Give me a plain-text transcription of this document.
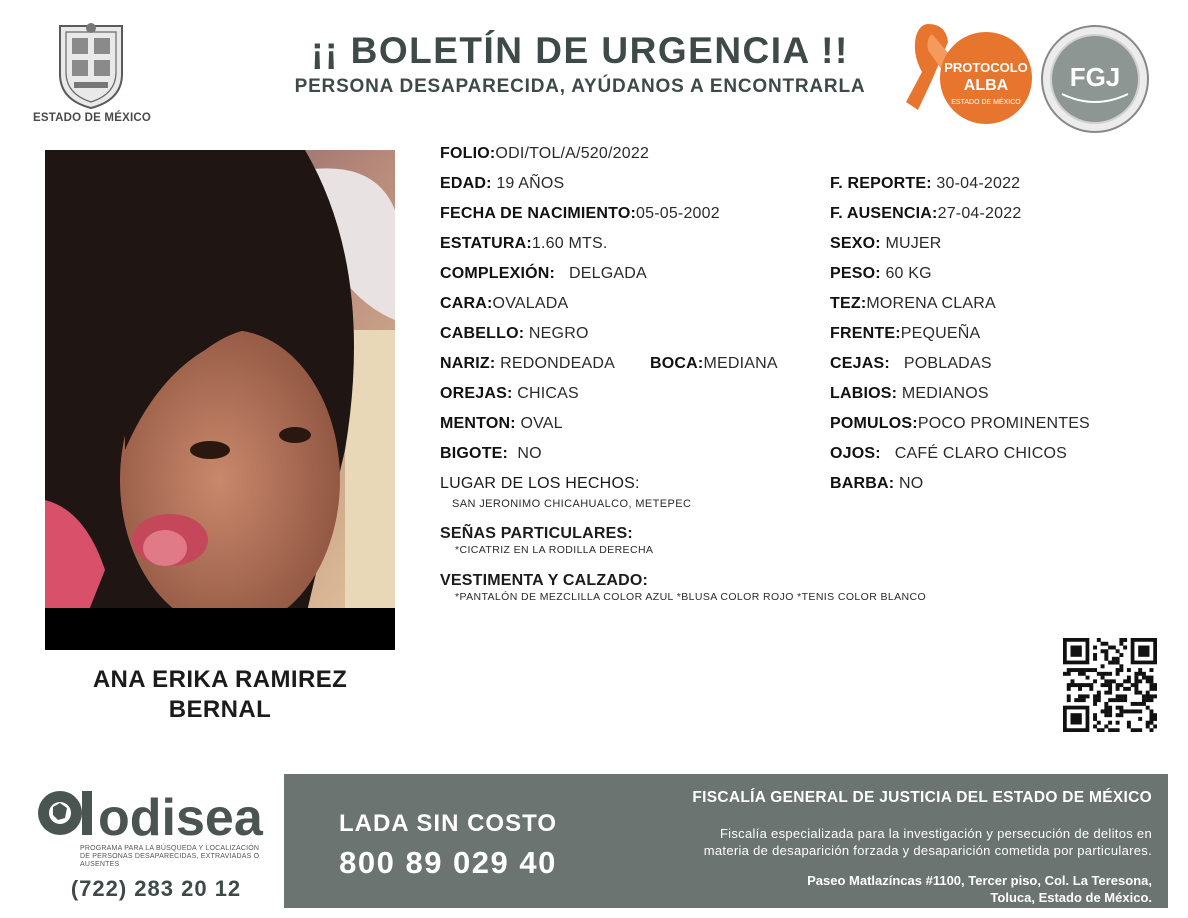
ESTADO DE MÉXICO
¡¡ BOLETÍN DE URGENCIA !!
PERSONA DESAPARECIDA, AYÚDANOS A ENCONTRARLA
PROTOCOLO
ALBA
ESTADO DE MÉXICO
FGJ
ANA ERIKA RAMIREZ
BERNAL
FOLIO:ODI/TOL/A/520/2022
EDAD: 19 AÑOS
FECHA DE NACIMIENTO:05-05-2002
ESTATURA:1.60 MTS.
COMPLEXIÓN: DELGADA
CARA:OVALADA
CABELLO: NEGRO
NARIZ: REDONDEADA BOCA:MEDIANA
OREJAS: CHICAS
MENTON: OVAL
BIGOTE: NO
LUGAR DE LOS HECHOS:
SAN JERONIMO CHICAHUALCO, METEPEC
SEÑAS PARTICULARES:
*CICATRIZ EN LA RODILLA DERECHA
VESTIMENTA Y CALZADO:
*PANTALÓN DE MEZCLILLA COLOR AZUL *BLUSA COLOR ROJO *TENIS COLOR BLANCO
F. REPORTE: 30-04-2022
F. AUSENCIA:27-04-2022
SEXO: MUJER
PESO: 60 KG
TEZ:MORENA CLARA
FRENTE:PEQUEÑA
CEJAS: POBLADAS
LABIOS: MEDIANOS
POMULOS:POCO PROMINENTES
OJOS: CAFÉ CLARO CHICOS
BARBA: NO
odisea
PROGRAMA PARA LA BÚSQUEDA Y LOCALIZACIÓN DE PERSONAS DESAPARECIDAS, EXTRAVIADAS O AUSENTES
(722) 283 20 12
LADA SIN COSTO
800 89 029 40
FISCALÍA GENERAL DE JUSTICIA DEL ESTADO DE MÉXICO
Fiscalía especializada para la investigación y persecución de delitos en
materia de desaparición forzada y desaparición cometida por particulares.
Paseo Matlazíncas #1100, Tercer piso, Col. La Teresona,
Toluca, Estado de México.
